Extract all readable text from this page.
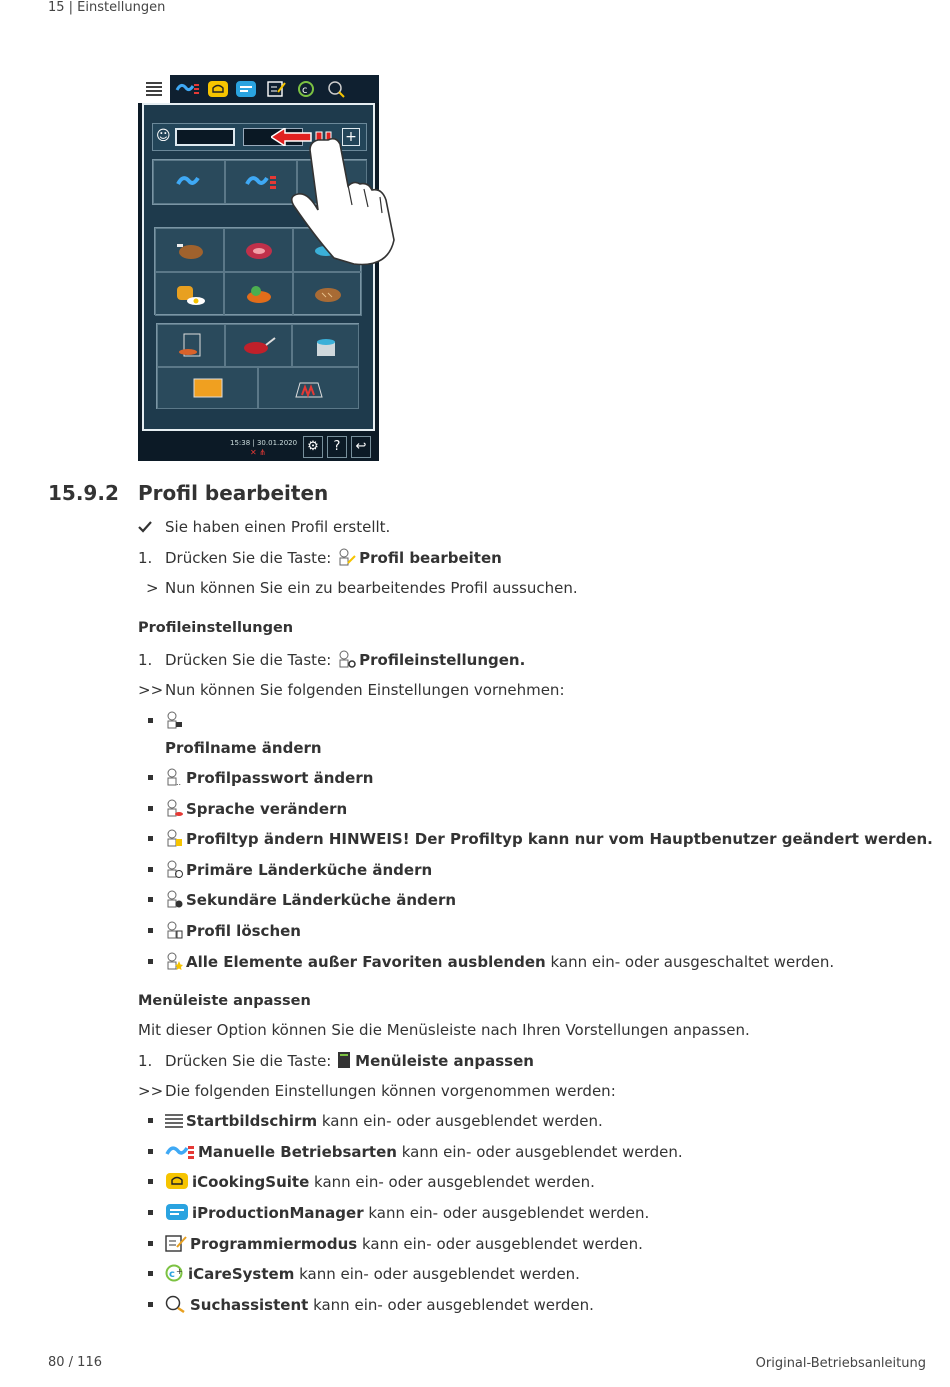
15 | Einstellungen
c
☺	+
15:38 | 30.01.2020
✕ ⋔	⚙	?	↩
15.9.2 Profil bearbeiten
Sie haben einen Profil erstellt.
1. Drücken Sie die Taste: Profil bearbeiten
> Nun können Sie ein zu bearbeitendes Profil aussuchen.
Profileinstellungen
1. Drücken Sie die Taste: Profileinstellungen.
>> Nun können Sie folgenden Einstellungen vornehmen:
Profilname ändern
.. Profilpasswort ändern
Sprache verändern
Profiltyp ändern HINWEIS! Der Profiltyp kann nur vom Hauptbenutzer geändert werden.
Primäre Länderküche ändern
Sekundäre Länderküche ändern
Profil löschen
Alle Elemente außer Favoriten ausblenden kann ein- oder ausgeschaltet werden.
Menüleiste anpassen
Mit dieser Option können Sie die Menüsleiste nach Ihren Vorstellungen anpassen.
1. Drücken Sie die Taste: Menüleiste anpassen
>> Die folgenden Einstellungen können vorgenommen werden:
Startbildschirm kann ein- oder ausgeblendet werden.
Manuelle Betriebsarten kann ein- oder ausgeblendet werden.
iCookingSuite kann ein- oder ausgeblendet werden.
iProductionManager kann ein- oder ausgeblendet werden.
Programmiermodus kann ein- oder ausgeblendet werden.
c + iCareSystem kann ein- oder ausgeblendet werden.
Suchassistent kann ein- oder ausgeblendet werden.
80 / 116	Original-Betriebsanleitung
